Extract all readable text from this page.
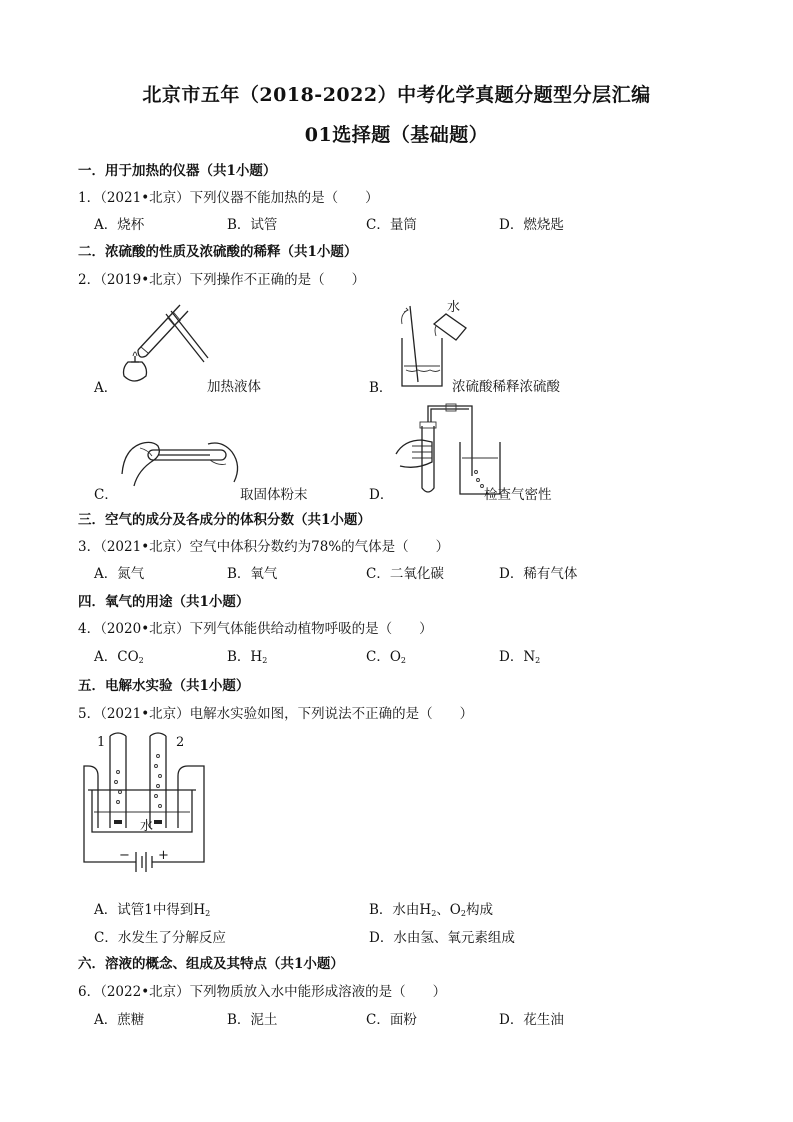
北京市五年（2018-2022）中考化学真题分题型分层汇编
01选择题（基础题）
一．用于加热的仪器（共1小题）
1．（2021•北京）下列仪器不能加热的是（　　）
A．烧杯	B．试管	C．量筒	D．燃烧匙
二．浓硫酸的性质及浓硫酸的稀释（共1小题）
2．（2019•北京）下列操作不正确的是（　　）
A．	加热液体
水
B．	浓硫酸稀释浓硫酸
C．	取固体粉末	D．	检查气密性
三．空气的成分及各成分的体积分数（共1小题）
3．（2021•北京）空气中体积分数约为78%的气体是（　　）
A．氮气	B．氧气	C．二氧化碳	D．稀有气体
四．氧气的用途（共1小题）
4．（2020•北京）下列气体能供给动植物呼吸的是（　　）
A．$CO_2$	B．$H_2$	C．$O_2$	D．$N_2$
五．电解水实验（共1小题）
5．（2021•北京）电解水实验如图，下列说法不正确的是（　　）
1	2
水
− +
A．试管1中得到$H_2$	B．水由$H_2$、$O_2$构成
C．水发生了分解反应	D．水由氢、氧元素组成
六．溶液的概念、组成及其特点（共1小题）
6．（2022•北京）下列物质放入水中能形成溶液的是（　　）
A．蔗糖	B．泥土	C．面粉	D．花生油
